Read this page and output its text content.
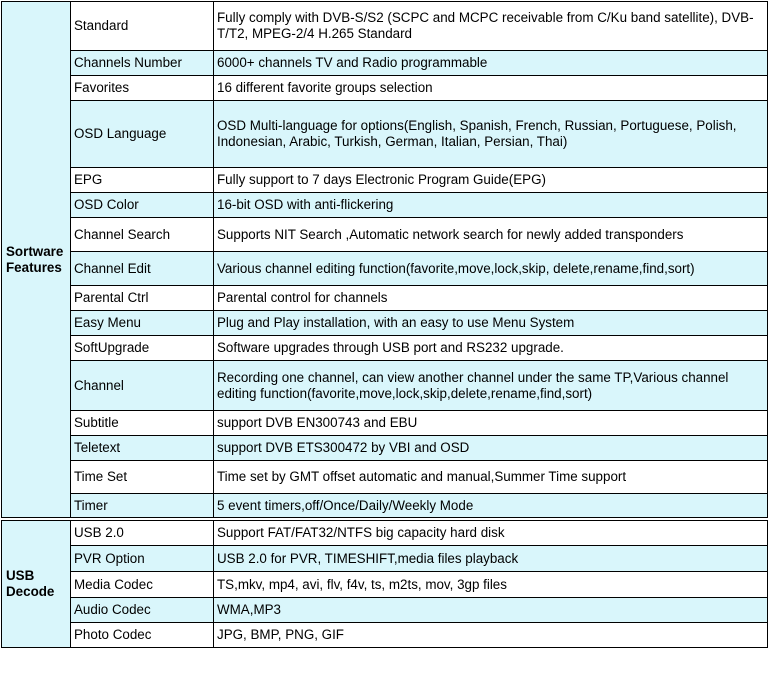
Sortware
Features	Standard	Fully comply with DVB-S/S2 (SCPC and MCPC receivable from C/Ku band satellite), DVB-T/T2, MPEG-2/4 H.265 Standard
	Channels Number	6000+ channels TV and Radio programmable
	Favorites	16 different favorite groups selection
	OSD Language	OSD Multi-language for options(English, Spanish, French, Russian, Portuguese, Polish, Indonesian, Arabic, Turkish, German, Italian, Persian, Thai)
	EPG	Fully support to 7 days Electronic Program Guide(EPG)
	OSD Color	16-bit OSD with anti-flickering
	Channel Search	Supports NIT Search ,Automatic network search for newly added transponders
	Channel Edit	Various channel editing function(favorite,move,lock,skip, delete,rename,find,sort)
	Parental Ctrl	Parental control for channels
	Easy Menu	Plug and Play installation, with an easy to use Menu System
	SoftUpgrade	Software upgrades through USB port and RS232 upgrade.
	Channel	Recording one channel, can view another channel under the same TP,Various channel editing function(favorite,move,lock,skip,delete,rename,find,sort)
	Subtitle	support DVB EN300743 and EBU
	Teletext	support DVB ETS300472 by VBI and OSD
	Time Set	Time set by GMT offset automatic and manual,Summer Time support
	Timer	5 event timers,off/Once/Daily/Weekly Mode

USB
Decode	USB 2.0	Support FAT/FAT32/NTFS big capacity hard disk
	PVR Option	USB 2.0 for PVR, TIMESHIFT,media files playback
	Media Codec	TS,mkv, mp4, avi, flv, f4v, ts, m2ts, mov, 3gp files
	Audio Codec	WMA,MP3
	Photo Codec	JPG, BMP, PNG, GIF
